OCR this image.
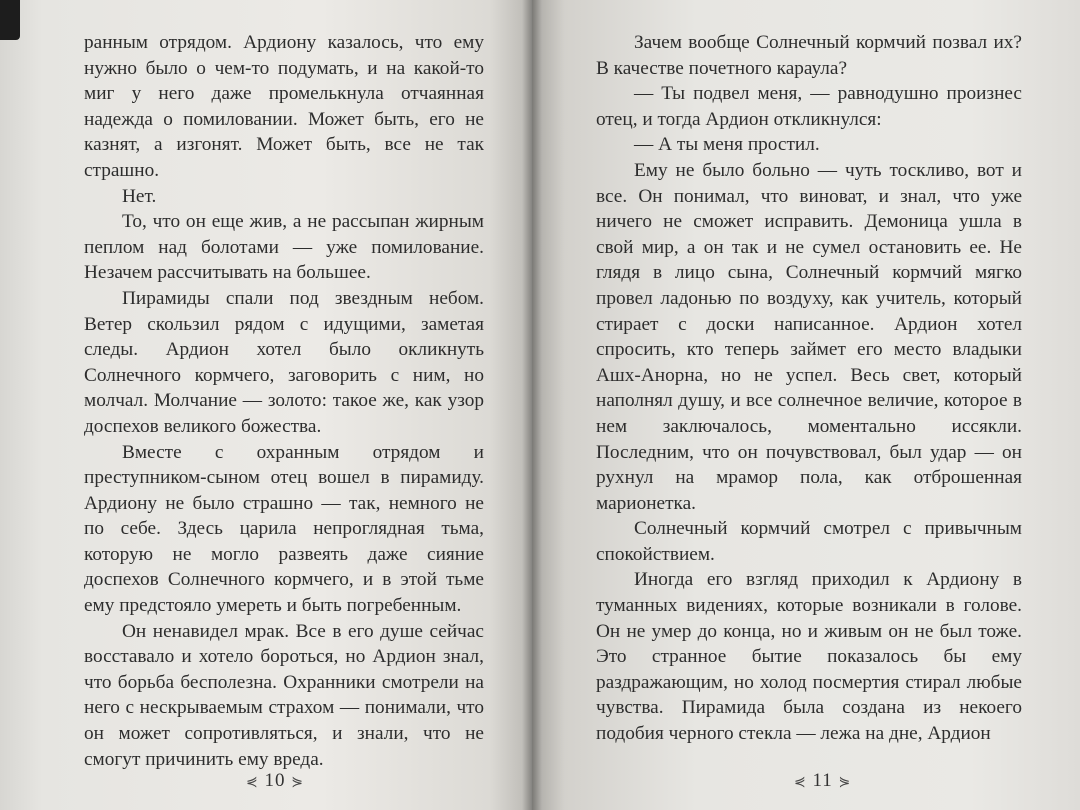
ранным отрядом. Ардиону казалось, что ему нужно было о чем-то подумать, и на какой-то миг у него даже промелькнула отчаянная надежда о помиловании. Может быть, его не казнят, а изгонят. Может быть, все не так страшно.

Нет.

То, что он еще жив, а не рассыпан жирным пеплом над болотами — уже помилование. Незачем рассчитывать на большее.

Пирамиды спали под звездным небом. Ветер скользил рядом с идущими, заметая следы. Ардион хотел было окликнуть Солнечного кормчего, заговорить с ним, но молчал. Молчание — золото: такое же, как узор доспехов великого божества.

Вместе с охранным отрядом и преступником-сыном отец вошел в пирамиду. Ардиону не было страшно — так, немного не по себе. Здесь царила непроглядная тьма, которую не могло развеять даже сияние доспехов Солнечного кормчего, и в этой тьме ему предстояло умереть и быть погребенным.

Он ненавидел мрак. Все в его душе сейчас восставало и хотело бороться, но Ардион знал, что борьба бесполезна. Охранники смотрели на него с нескрываемым страхом — понимали, что он может сопротивляться, и знали, что не смогут причинить ему вреда.

⋞ 10 ⋟

Зачем вообще Солнечный кормчий позвал их? В качестве почетного караула?

— Ты подвел меня, — равнодушно произнес отец, и тогда Ардион откликнулся:

— А ты меня простил.

Ему не было больно — чуть тоскливо, вот и все. Он понимал, что виноват, и знал, что уже ничего не сможет исправить. Демоница ушла в свой мир, а он так и не сумел остановить ее. Не глядя в лицо сына, Солнечный кормчий мягко провел ладонью по воздуху, как учитель, который стирает с доски написанное. Ардион хотел спросить, кто теперь займет его место владыки Ашх-Анорна, но не успел. Весь свет, который наполнял душу, и все солнечное величие, которое в нем заключалось, моментально иссякли. Последним, что он почувствовал, был удар — он рухнул на мрамор пола, как отброшенная марионетка.

Солнечный кормчий смотрел с привычным спокойствием.

Иногда его взгляд приходил к Ардиону в туманных видениях, которые возникали в голове. Он не умер до конца, но и живым он не был тоже. Это странное бытие показалось бы ему раздражающим, но холод посмертия стирал любые чувства. Пирамида была создана из некоего подобия черного стекла — лежа на дне, Ардион

⋞ 11 ⋟
